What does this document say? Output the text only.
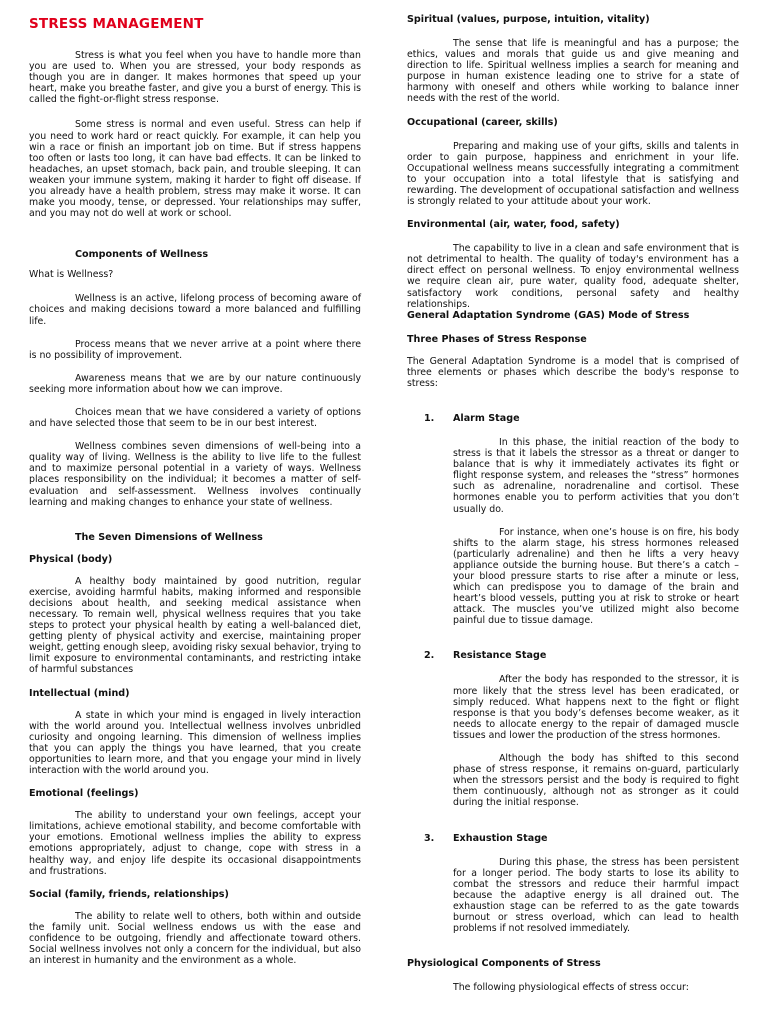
STRESS MANAGEMENT

Stress is what you feel when you have to handle more than you are used to. When you are stressed, your body responds as though you are in danger. It makes hormones that speed up your heart, make you breathe faster, and give you a burst of energy. This is called the fight-or-flight stress response.

Some stress is normal and even useful. Stress can help if you need to work hard or react quickly. For example, it can help you win a race or finish an important job on time. But if stress happens too often or lasts too long, it can have bad effects. It can be linked to headaches, an upset stomach, back pain, and trouble sleeping. It can weaken your immune system, making it harder to fight off disease. If you already have a health problem, stress may make it worse. It can make you moody, tense, or depressed. Your relationships may suffer, and you may not do well at work or school.

Components of Wellness
What is Wellness?

Wellness is an active, lifelong process of becoming aware of choices and making decisions toward a more balanced and fulfilling life.

Process means that we never arrive at a point where there is no possibility of improvement.

Awareness means that we are by our nature continuously seeking more information about how we can improve.

Choices mean that we have considered a variety of options and have selected those that seem to be in our best interest.

Wellness combines seven dimensions of well-being into a quality way of living. Wellness is the ability to live life to the fullest and to maximize personal potential in a variety of ways. Wellness places responsibility on the individual; it becomes a matter of self-evaluation and self-assessment. Wellness involves continually learning and making changes to enhance your state of wellness.

The Seven Dimensions of Wellness
Physical (body)

A healthy body maintained by good nutrition, regular exercise, avoiding harmful habits, making informed and responsible decisions about health, and seeking medical assistance when necessary. To remain well, physical wellness requires that you take steps to protect your physical health by eating a well-balanced diet, getting plenty of physical activity and exercise, maintaining proper weight, getting enough sleep, avoiding risky sexual behavior, trying to limit exposure to environmental contaminants, and restricting intake of harmful substances

Intellectual (mind)

A state in which your mind is engaged in lively interaction with the world around you. Intellectual wellness involves unbridled curiosity and ongoing learning. This dimension of wellness implies that you can apply the things you have learned, that you create opportunities to learn more, and that you engage your mind in lively interaction with the world around you.

Emotional (feelings)

The ability to understand your own feelings, accept your limitations, achieve emotional stability, and become comfortable with your emotions. Emotional wellness implies the ability to express emotions appropriately, adjust to change, cope with stress in a healthy way, and enjoy life despite its occasional disappointments and frustrations.

Social (family, friends, relationships)

The ability to relate well to others, both within and outside the family unit. Social wellness endows us with the ease and confidence to be outgoing, friendly and affectionate toward others. Social wellness involves not only a concern for the individual, but also an interest in humanity and the environment as a whole.

Spiritual (values, purpose, intuition, vitality)

The sense that life is meaningful and has a purpose; the ethics, values and morals that guide us and give meaning and direction to life. Spiritual wellness implies a search for meaning and purpose in human existence leading one to strive for a state of harmony with oneself and others while working to balance inner needs with the rest of the world.

Occupational (career, skills)

Preparing and making use of your gifts, skills and talents in order to gain purpose, happiness and enrichment in your life. Occupational wellness means successfully integrating a commitment to your occupation into a total lifestyle that is satisfying and rewarding. The development of occupational satisfaction and wellness is strongly related to your attitude about your work.

Environmental (air, water, food, safety)

The capability to live in a clean and safe environment that is not detrimental to health. The quality of today's environment has a direct effect on personal wellness. To enjoy environmental wellness we require clean air, pure water, quality food, adequate shelter, satisfactory work conditions, personal safety and healthy relationships.

General Adaptation Syndrome (GAS) Mode of Stress
Three Phases of Stress Response

The General Adaptation Syndrome is a model that is comprised of three elements or phases which describe the body's response to stress:

1. Alarm Stage

In this phase, the initial reaction of the body to stress is that it labels the stressor as a threat or danger to balance that is why it immediately activates its fight or flight response system, and releases the “stress” hormones such as adrenaline, noradrenaline and cortisol. These hormones enable you to perform activities that you don’t usually do.

For instance, when one’s house is on fire, his body shifts to the alarm stage, his stress hormones released (particularly adrenaline) and then he lifts a very heavy appliance outside the burning house. But there’s a catch – your blood pressure starts to rise after a minute or less, which can predispose you to damage of the brain and heart’s blood vessels, putting you at risk to stroke or heart attack. The muscles you’ve utilized might also become painful due to tissue damage.

2. Resistance Stage

After the body has responded to the stressor, it is more likely that the stress level has been eradicated, or simply reduced. What happens next to the fight or flight response is that you body’s defenses become weaker, as it needs to allocate energy to the repair of damaged muscle tissues and lower the production of the stress hormones.

Although the body has shifted to this second phase of stress response, it remains on-guard, particularly when the stressors persist and the body is required to fight them continuously, although not as stronger as it could during the initial response.

3. Exhaustion Stage

During this phase, the stress has been persistent for a longer period. The body starts to lose its ability to combat the stressors and reduce their harmful impact because the adaptive energy is all drained out. The exhaustion stage can be referred to as the gate towards burnout or stress overload, which can lead to health problems if not resolved immediately.

Physiological Components of Stress

The following physiological effects of stress occur:
